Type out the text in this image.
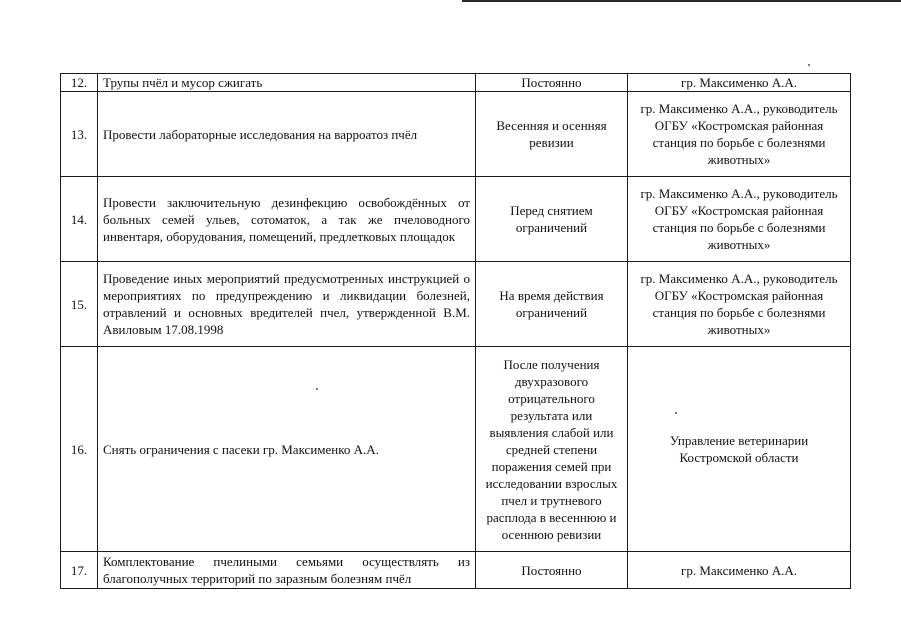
12.	Трупы пчёл и мусор сжигать	Постоянно	гр. Максименко А.А.
13.	Провести лабораторные исследования на варроатоз пчёл	Весенняя и осенняя ревизии	гр. Максименко А.А., руководитель ОГБУ «Костромская районная станция по борьбе с болезнями животных»
14.	Провести заключительную дезинфекцию освобождённых от больных семей ульев, сотоматок, а так же пчеловодного инвентаря, оборудования, помещений, предлетковых площадок	Перед снятием ограничений	гр. Максименко А.А., руководитель ОГБУ «Костромская районная станция по борьбе с болезнями животных»
15.	Проведение иных мероприятий предусмотренных инструкцией о мероприятиях по предупреждению и ликвидации болезней, отравлений и основных вредителей пчел, утвержденной В.М. Авиловым 17.08.1998	На время действия ограничений	гр. Максименко А.А., руководитель ОГБУ «Костромская районная станция по борьбе с болезнями животных»
16.	Снять ограничения с пасеки гр. Максименко А.А.	После получения двухразового отрицательного результата или выявления слабой или средней степени поражения семей при исследовании взрослых пчел и трутневого расплода в весеннюю и осеннюю ревизии	Управление ветеринарии Костромской области
17.	Комплектование пчелиными семьями осуществлять из благополучных территорий по заразным болезням пчёл	Постоянно	гр. Максименко А.А.
